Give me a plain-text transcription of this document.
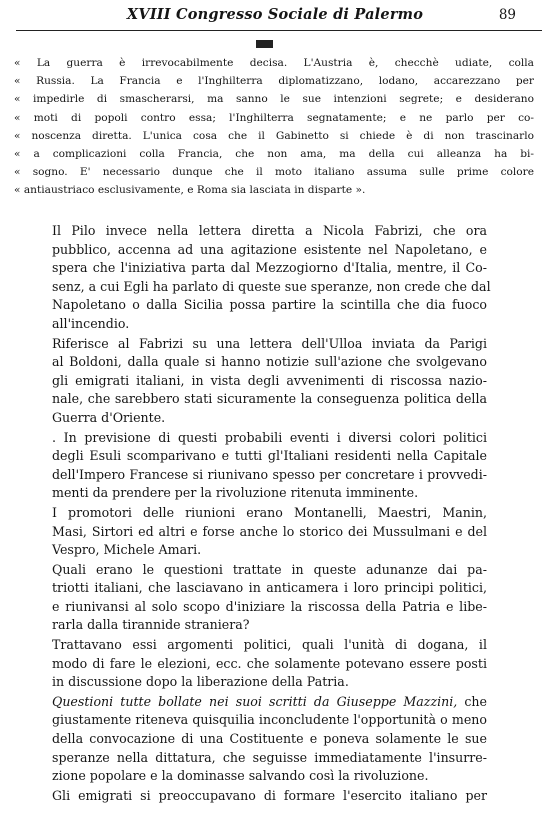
XVIII Congresso Sociale di Palermo	89
« La guerra è irrevocabilmente decisa. L'Austria è, checchè udiate, colla
« Russia. La Francia e l'Inghilterra diplomatizzano, lodano, accarezzano per
« impedirle di smascherarsi, ma sanno le sue intenzioni segrete; e desiderano
« moti di popoli contro essa; l'Inghilterra segnatamente; e ne parlo per co-
« noscenza diretta. L'unica cosa che il Gabinetto si chiede è di non trascinarlo
« a complicazioni colla Francia, che non ama, ma della cui alleanza ha bi-
« sogno. E' necessario dunque che il moto italiano assuma sulle prime colore
« antiaustriaco esclusivamente, e Roma sia lasciata in disparte ».
Il Pilo invece nella lettera diretta a Nicola Fabrizi, che ora
pubblico, accenna ad una agitazione esistente nel Napoletano, e
spera che l'iniziativa parta dal Mezzogiorno d'Italia, mentre, il Co-
senz, a cui Egli ha parlato di queste sue speranze, non crede che dal
Napoletano o dalla Sicilia possa partire la scintilla che dia fuoco
all'incendio.
Riferisce al Fabrizi su una lettera dell'Ulloa inviata da Parigi
al Boldoni, dalla quale si hanno notizie sull'azione che svolgevano
gli emigrati italiani, in vista degli avvenimenti di riscossa nazio-
nale, che sarebbero stati sicuramente la conseguenza politica della
Guerra d'Oriente.
. In previsione di questi probabili eventi i diversi colori politici
degli Esuli scomparivano e tutti gl'Italiani residenti nella Capitale
dell'Impero Francese si riunivano spesso per concretare i provvedi-
menti da prendere per la rivoluzione ritenuta imminente.
I promotori delle riunioni erano Montanelli, Maestri, Manin,
Masi, Sirtori ed altri e forse anche lo storico dei Mussulmani e del
Vespro, Michele Amari.
Quali erano le questioni trattate in queste adunanze dai pa-
triotti italiani, che lasciavano in anticamera i loro principi politici,
e riunivansi al solo scopo d'iniziare la riscossa della Patria e libe-
rarla dalla tirannide straniera?
Trattavano essi argomenti politici, quali l'unità di dogana, il
modo di fare le elezioni, ecc. che solamente potevano essere posti
in discussione dopo la liberazione della Patria.
Questioni tutte bollate nei suoi scritti da Giuseppe Mazzini, che
giustamente riteneva quisquilia inconcludente l'opportunità o meno
della convocazione di una Costituente e poneva solamente le sue
speranze nella dittatura, che seguisse immediatamente l'insurre-
zione popolare e la dominasse salvando così la rivoluzione.
Gli emigrati si preoccupavano di formare l'esercito italiano per
